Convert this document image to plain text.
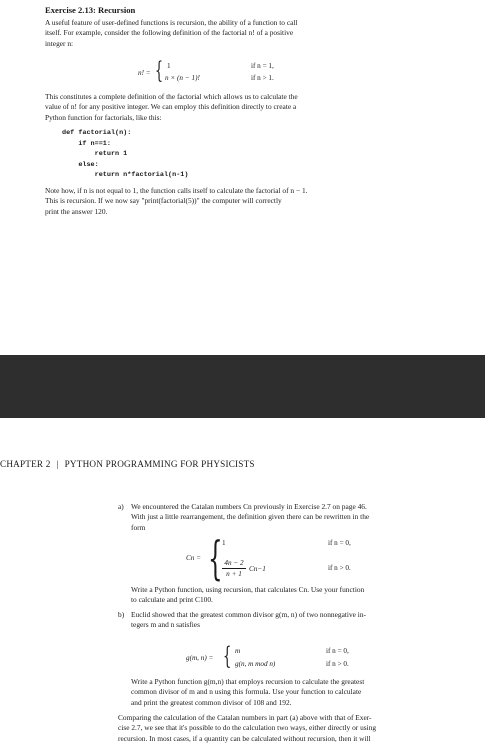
Exercise 2.13: Recursion
A useful feature of user-defined functions is recursion, the ability of a function to call
itself. For example, consider the following definition of the factorial n! of a positive
integer n:
n! = { 1
n × (n − 1)!
if n = 1,
if n > 1.
This constitutes a complete definition of the factorial which allows us to calculate the
value of n! for any positive integer. We can employ this definition directly to create a
Python function for factorials, like this:
def factorial(n):
if n==1:
return 1
else:
return n*factorial(n-1)
Note how, if n is not equal to 1, the function calls itself to calculate the factorial of n − 1.
This is recursion. If we now say "print(factorial(5))" the computer will correctly
print the answer 120.
CHAPTER 2 | PYTHON PROGRAMMING FOR PHYSICISTS
a) We encountered the Catalan numbers Cn previously in Exercise 2.7 on page 46.
With just a little rearrangement, the definition given there can be rewritten in the
form
Cn = { 1
$\frac{4n - 2}{n + 1} Cn-1$
if n = 0,
if n > 0.
Write a Python function, using recursion, that calculates Cn. Use your function
to calculate and print C100.
b) Euclid showed that the greatest common divisor g(m, n) of two nonnegative in-
tegers m and n satisfies
g(m, n) = { m
g(n, m mod n)
if n = 0,
if n > 0.
Write a Python function g(m,n) that employs recursion to calculate the greatest
common divisor of m and n using this formula. Use your function to calculate
and print the greatest common divisor of 108 and 192.
Comparing the calculation of the Catalan numbers in part (a) above with that of Exer-
cise 2.7, we see that it's possible to do the calculation two ways, either directly or using
recursion. In most cases, if a quantity can be calculated without recursion, then it will
